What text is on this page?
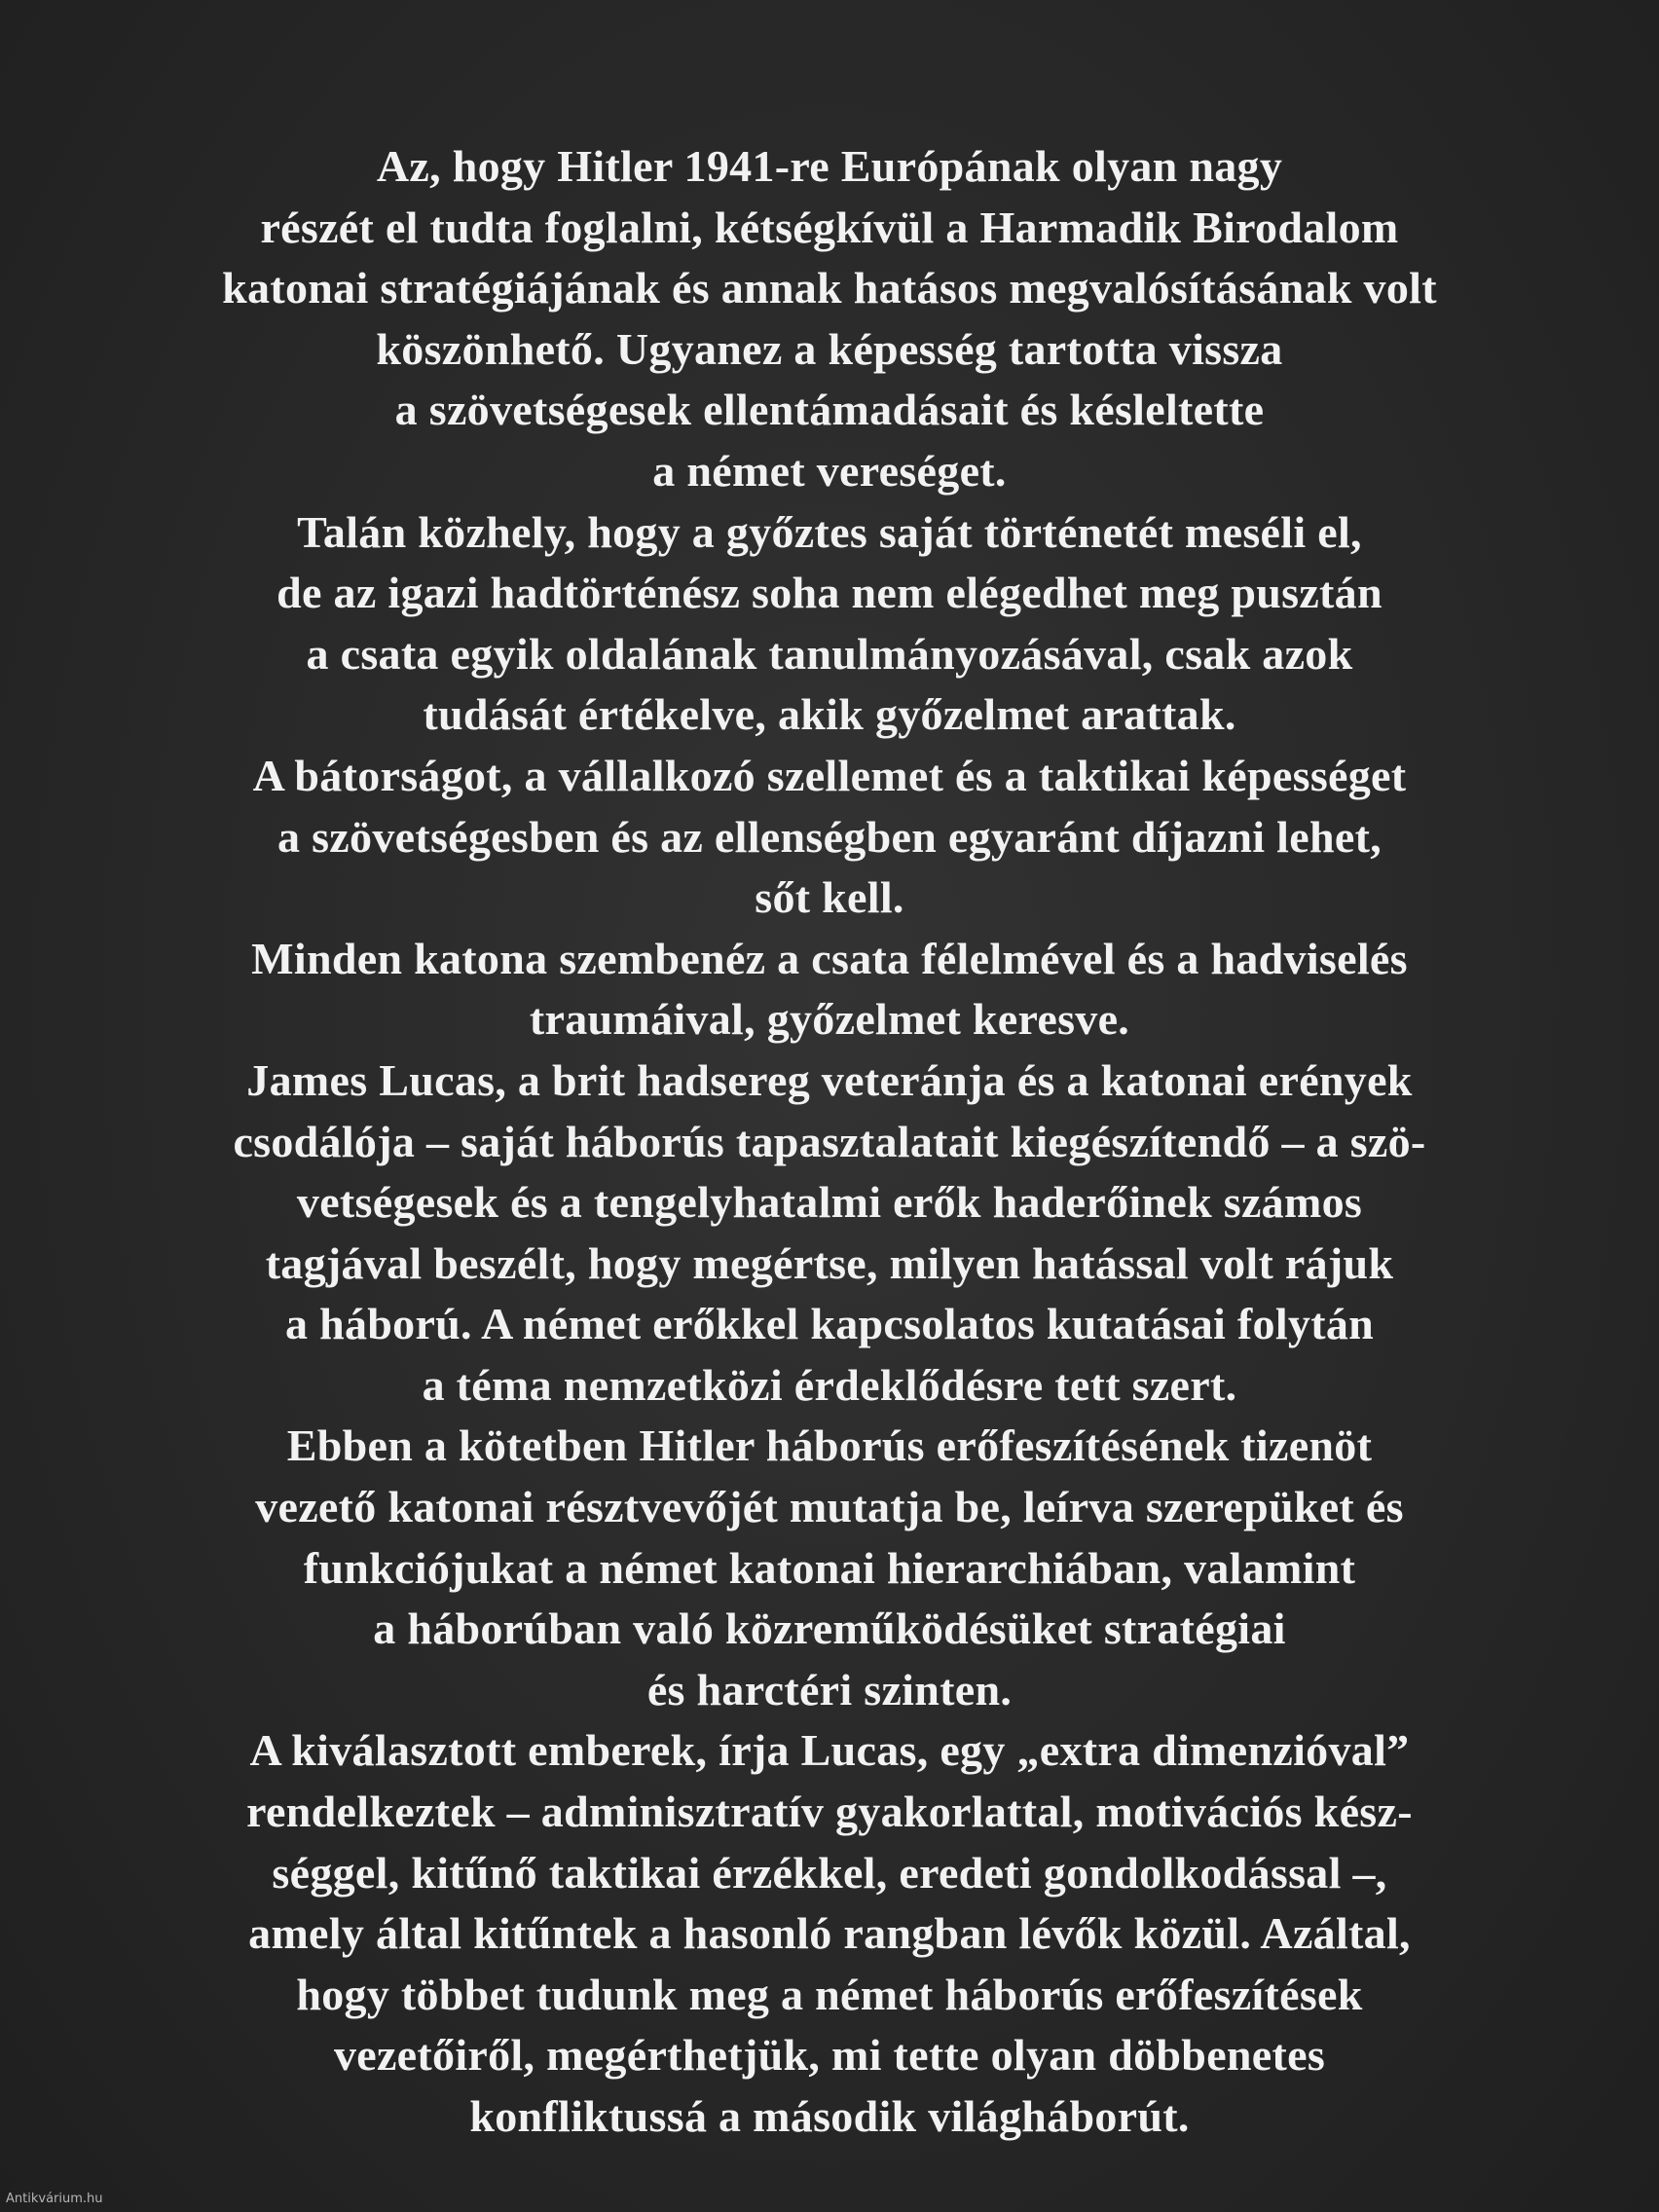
Az, hogy Hitler 1941-re Európának olyan nagy
részét el tudta foglalni, kétségkívül a Harmadik Birodalom
katonai stratégiájának és annak hatásos megvalósításának volt
köszönhető. Ugyanez a képesség tartotta vissza
a szövetségesek ellentámadásait és késleltette
a német vereséget.
Talán közhely, hogy a győztes saját történetét meséli el,
de az igazi hadtörténész soha nem elégedhet meg pusztán
a csata egyik oldalának tanulmányozásával, csak azok
tudását értékelve, akik győzelmet arattak.
A bátorságot, a vállalkozó szellemet és a taktikai képességet
a szövetségesben és az ellenségben egyaránt díjazni lehet,
sőt kell.
Minden katona szembenéz a csata félelmével és a hadviselés
traumáival, győzelmet keresve.
James Lucas, a brit hadsereg veteránja és a katonai erények
csodálója – saját háborús tapasztalatait kiegészítendő – a szö-
vetségesek és a tengelyhatalmi erők haderőinek számos
tagjával beszélt, hogy megértse, milyen hatással volt rájuk
a háború. A német erőkkel kapcsolatos kutatásai folytán
a téma nemzetközi érdeklődésre tett szert.
Ebben a kötetben Hitler háborús erőfeszítésének tizenöt
vezető katonai résztvevőjét mutatja be, leírva szerepüket és
funkciójukat a német katonai hierarchiában, valamint
a háborúban való közreműködésüket stratégiai
és harctéri szinten.
A kiválasztott emberek, írja Lucas, egy „extra dimenzióval”
rendelkeztek – adminisztratív gyakorlattal, motivációs kész-
séggel, kitűnő taktikai érzékkel, eredeti gondolkodással –,
amely által kitűntek a hasonló rangban lévők közül. Azáltal,
hogy többet tudunk meg a német háborús erőfeszítések
vezetőiről, megérthetjük, mi tette olyan döbbenetes
konfliktussá a második világháborút.
Antikvárium.hu
